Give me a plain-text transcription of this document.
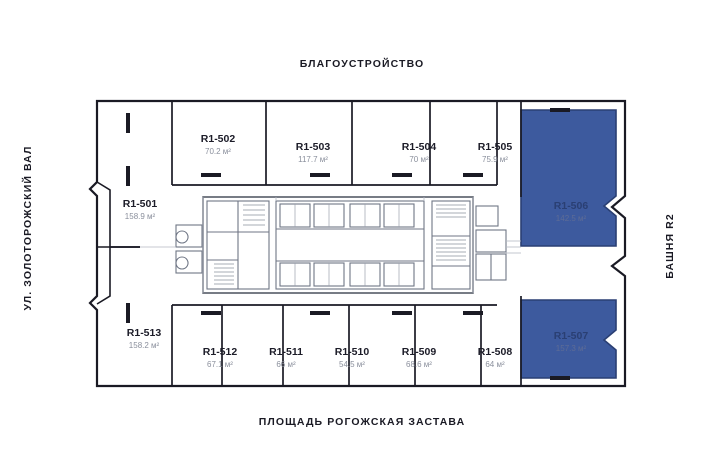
БЛАГОУСТРОЙСТВО
ПЛОЩАДЬ РОГОЖСКАЯ ЗАСТАВА
УЛ. ЗОЛОТОРОЖСКИЙ ВАЛ	БАШНЯ R2
R1-501
158.9 м²
R1-502
70.2 м²	R1-503
117.7 м²
R1-504
70 м²
R1-505
75.9 м²
R1-506
142.5 м²
R1-507
157.3 м²
R1-508
64 м²
R1-509
68.6 м²
R1-510
54.5 м²
R1-511
66 м²
R1-512
67.1 м²
R1-513
158.2 м²
